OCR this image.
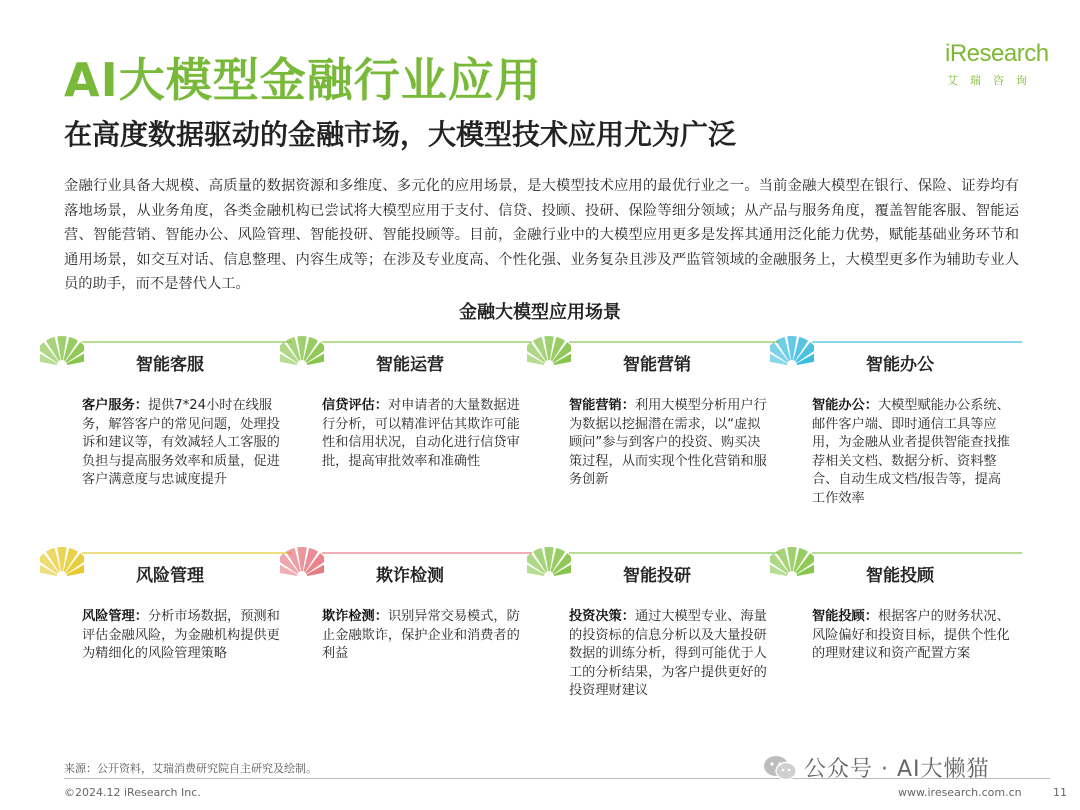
AI大模型金融行业应用
在高度数据驱动的金融市场，大模型技术应用尤为广泛
iResearch
艾瑞咨询
金融行业具备大规模、高质量的数据资源和多维度、多元化的应用场景，是大模型技术应用的最优行业之一。当前金融大模型在银行、保险、证券均有落地场景，从业务角度，各类金融机构已尝试将大模型应用于支付、信贷、投顾、投研、保险等细分领域；从产品与服务角度，覆盖智能客服、智能运营、智能营销、智能办公、风险管理、智能投研、智能投顾等。目前，金融行业中的大模型应用更多是发挥其通用泛化能力优势，赋能基础业务环节和通用场景，如交互对话、信息整理、内容生成等；在涉及专业度高、个性化强、业务复杂且涉及严监管领域的金融服务上，大模型更多作为辅助专业人员的助手，而不是替代人工。
金融大模型应用场景
智能客服
客户服务：提供7*24小时在线服务，解答客户的常见问题，处理投诉和建议等，有效减轻人工客服的负担与提高服务效率和质量，促进客户满意度与忠诚度提升
智能运营
信贷评估：对申请者的大量数据进行分析，可以精准评估其欺诈可能性和信用状况，自动化进行信贷审批，提高审批效率和准确性
智能营销
智能营销：利用大模型分析用户行为数据以挖掘潜在需求，以“虚拟顾问”参与到客户的投资、购买决策过程，从而实现个性化营销和服务创新
智能办公
智能办公：大模型赋能办公系统、邮件客户端、即时通信工具等应用，为金融从业者提供智能查找推荐相关文档、数据分析、资料整合、自动生成文档/报告等，提高工作效率
风险管理
风险管理：分析市场数据，预测和评估金融风险，为金融机构提供更为精细化的风险管理策略
欺诈检测
欺诈检测：识别异常交易模式，防止金融欺诈，保护企业和消费者的利益
智能投研
投资决策：通过大模型专业、海量的投资标的信息分析以及大量投研数据的训练分析，得到可能优于人工的分析结果，为客户提供更好的投资理财建议
智能投顾
智能投顾：根据客户的财务状况、风险偏好和投资目标，提供个性化的理财建议和资产配置方案
来源：公开资料，艾瑞消费研究院自主研究及绘制。
©2024.12 iResearch Inc.	www.iresearch.com.cn	11
公众号 · AI大懒猫
